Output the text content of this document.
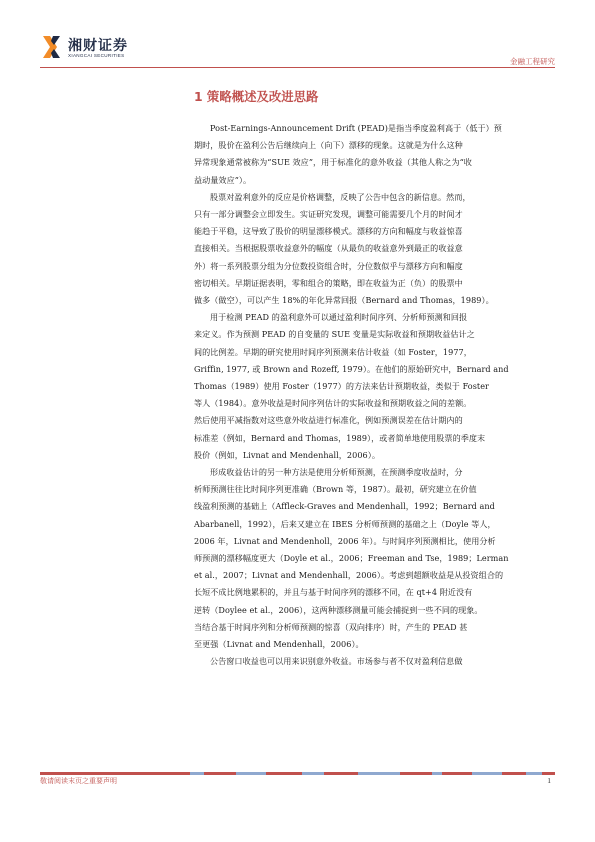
湘财证券
XIANGCAI SECURITIES
金融工程研究
1 策略概述及改进思路

Post-Earnings-Announcement Drift (PEAD)是指当季度盈利高于（低于）预
期时，股价在盈利公告后继续向上（向下）漂移的现象。这就是为什么这种
异常现象通常被称为“SUE 效应”，用于标准化的意外收益（其他人称之为“收
益动量效应”）。

股票对盈利意外的反应是价格调整，反映了公告中包含的新信息。然而，
只有一部分调整会立即发生。实证研究发现，调整可能需要几个月的时间才
能趋于平稳，这导致了股价的明显漂移模式。漂移的方向和幅度与收益惊喜
直接相关。当根据股票收益意外的幅度（从最负的收益意外到最正的收益意
外）将一系列股票分组为分位数投资组合时，分位数似乎与漂移方向和幅度
密切相关。早期证据表明，零和组合的策略，即在收益为正（负）的股票中
做多（做空），可以产生 18%的年化异常回报（Bernard and Thomas，1989）。

用于检测 PEAD 的盈利意外可以通过盈利时间序列、分析师预测和回报
来定义。作为预测 PEAD 的自变量的 SUE 变量是实际收益和预期收益估计之
间的比例差。早期的研究使用时间序列预测来估计收益（如 Foster，1977，
Griffin, 1977, 或 Brown and Rozeff, 1979）。在他们的原始研究中，Bernard and
Thomas（1989）使用 Foster（1977）的方法来估计预期收益，类似于 Foster
等人（1984）。意外收益是时间序列估计的实际收益和预期收益之间的差额。
然后使用平减指数对这些意外收益进行标准化，例如预测误差在估计期内的
标准差（例如，Bernard and Thomas，1989），或者简单地使用股票的季度末
股价（例如，Livnat and Mendenhall，2006）。

形成收益估计的另一种方法是使用分析师预测，在预测季度收益时，分
析师预测往往比时间序列更准确（Brown 等，1987）。最初，研究建立在价值
线盈利预测的基础上（Affleck-Graves and Mendenhall，1992；Bernard and
Abarbanell，1992），后来又建立在 IBES 分析师预测的基础之上（Doyle 等人，
2006 年，Livnat and Mendenholl，2006 年）。与时间序列预测相比，使用分析
师预测的漂移幅度更大（Doyle et al.，2006；Freeman and Tse，1989；Lerman
et al.，2007；Livnat and Mendenhall，2006）。考虑到超额收益是从投资组合的
长短不成比例地累积的，并且与基于时间序列的漂移不同，在 qt+4 附近没有
逆转（Doylee et al.，2006），这两种漂移测量可能会捕捉到一些不同的现象。
当结合基于时间序列和分析师预测的惊喜（双向排序）时，产生的 PEAD 甚
至更强（Livnat and Mendenhall，2006）。

公告窗口收益也可以用来识别意外收益。市场参与者不仅对盈利信息做

敬请阅读末页之重要声明	1
